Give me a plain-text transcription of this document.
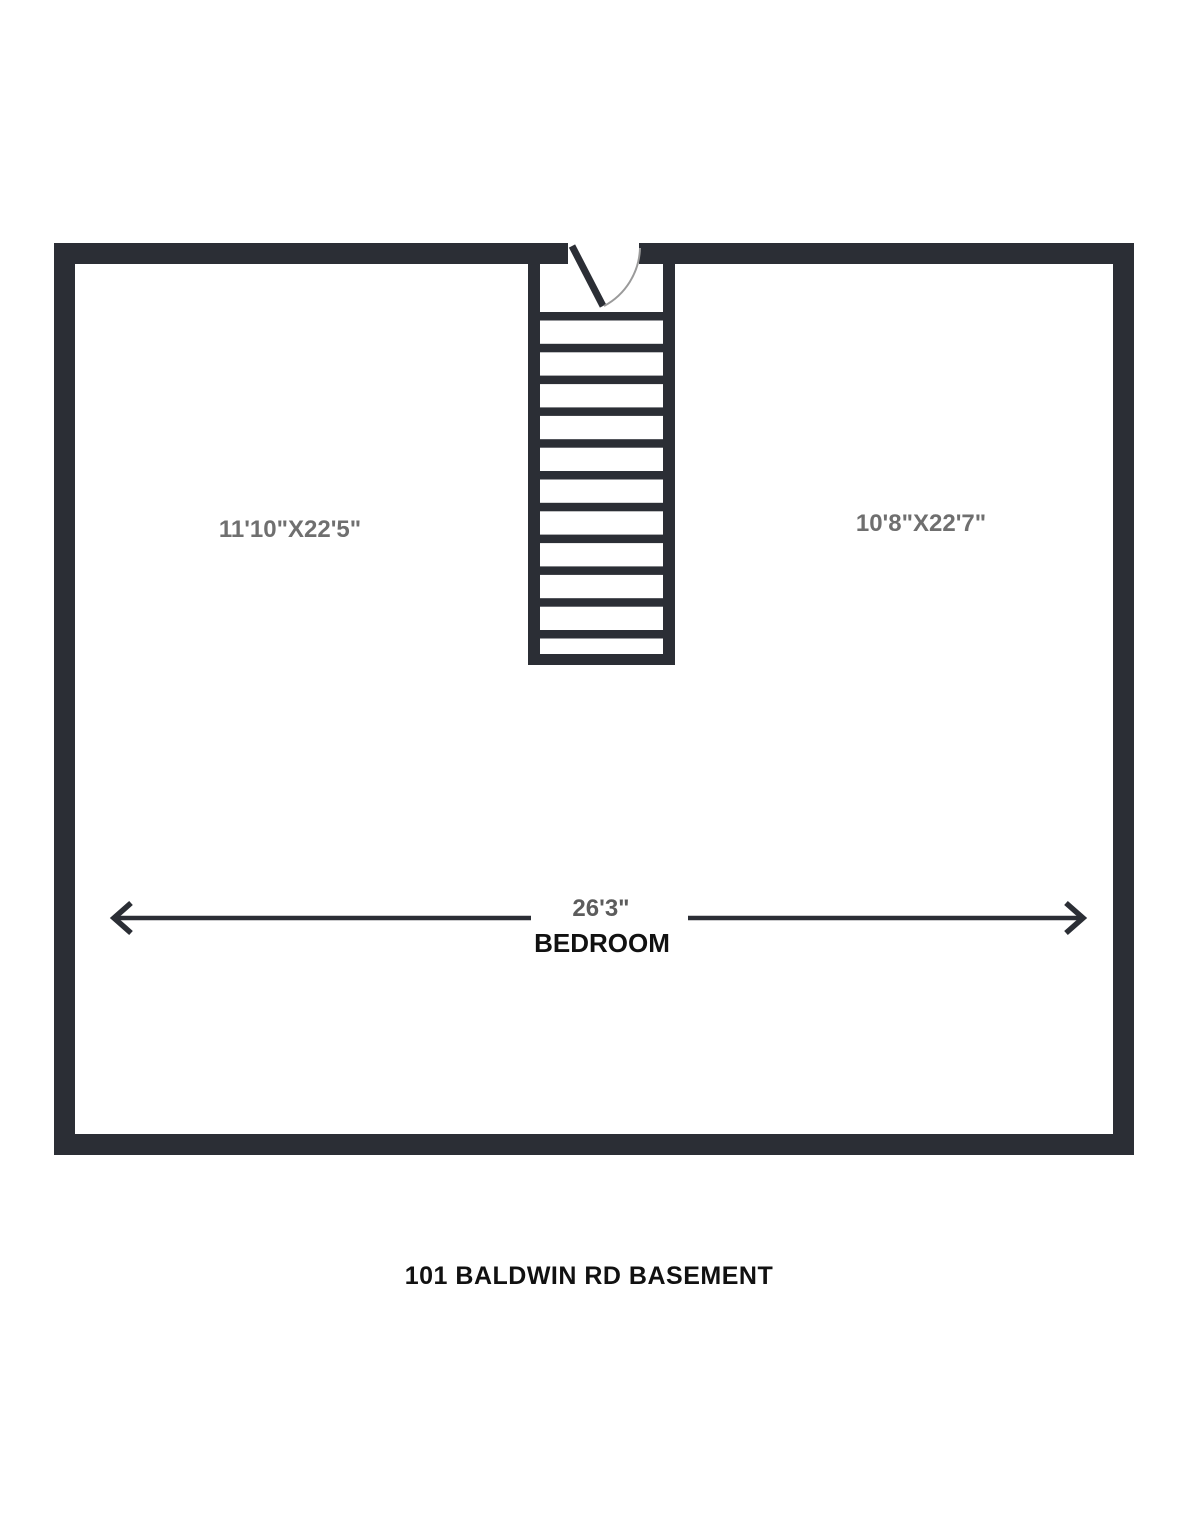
11'10"X22'5"	10'8"X22'7"
26'3"
BEDROOM
101 BALDWIN RD BASEMENT
